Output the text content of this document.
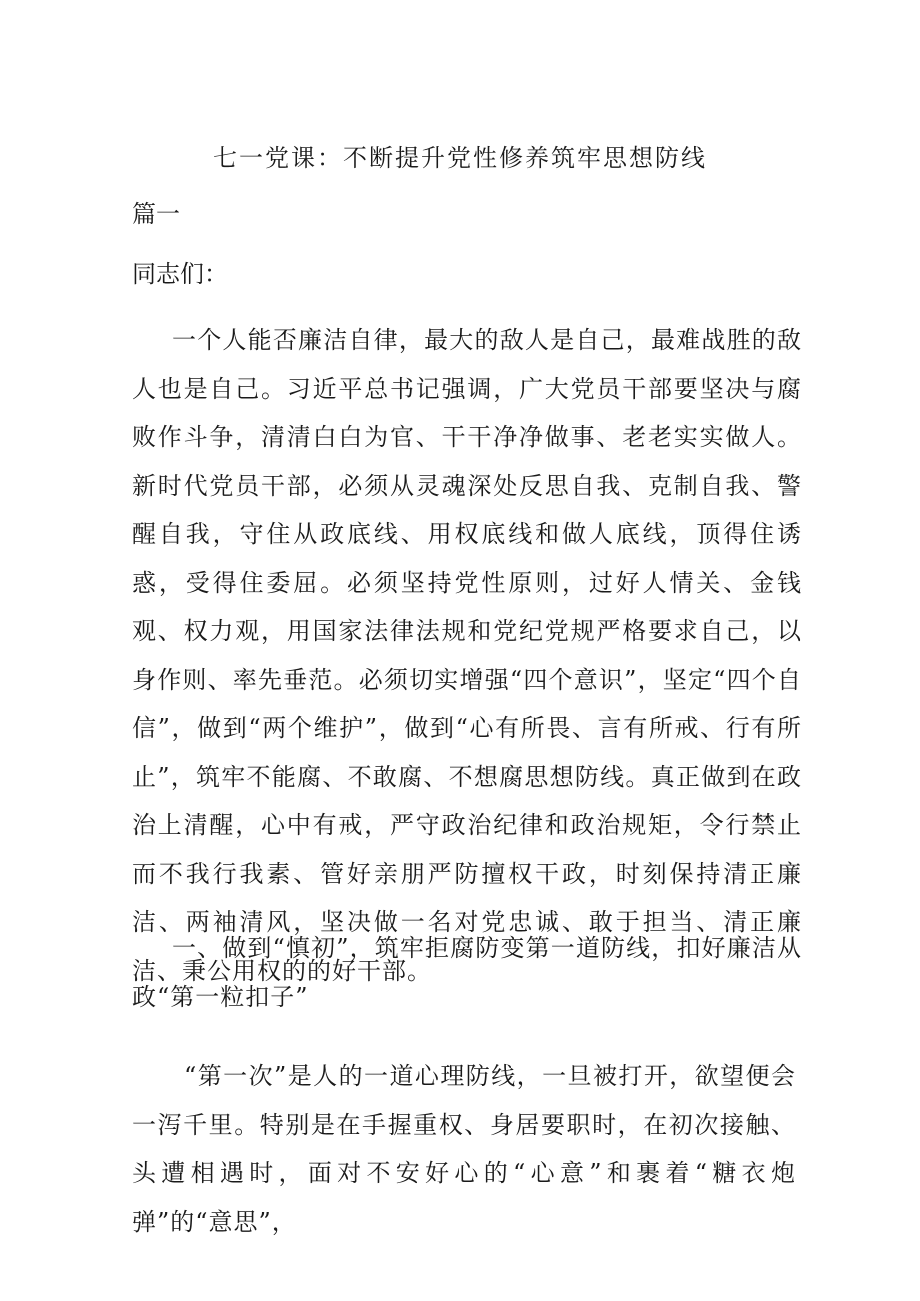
七一党课：不断提升党性修养筑牢思想防线
篇一
同志们：

一个人能否廉洁自律，最大的敌人是自己，最难战胜的敌人也是自己。习近平总书记强调，广大党员干部要坚决与腐败作斗争，清清白白为官、干干净净做事、老老实实做人。新时代党员干部，必须从灵魂深处反思自我、克制自我、警醒自我，守住从政底线、用权底线和做人底线，顶得住诱惑，受得住委屈。必须坚持党性原则，过好人情关、金钱观、权力观，用国家法律法规和党纪党规严格要求自己，以身作则、率先垂范。必须切实增强“四个意识”，坚定“四个自信”，做到“两个维护”，做到“心有所畏、言有所戒、行有所止”，筑牢不能腐、不敢腐、不想腐思想防线。真正做到在政治上清醒，心中有戒，严守政治纪律和政治规矩，令行禁止而不我行我素、管好亲朋严防擅权干政，时刻保持清正廉洁、两袖清风，坚决做一名对党忠诚、敢于担当、清正廉洁、秉公用权的的好干部。

一、做到“慎初”，筑牢拒腐防变第一道防线，扣好廉洁从政“第一粒扣子”

“第一次”是人的一道心理防线，一旦被打开，欲望便会一泻千里。特别是在手握重权、身居要职时，在初次接触、头遭相遇时，面对不安好心的“心意”和裹着“糖衣炮弹”的“意思”，
